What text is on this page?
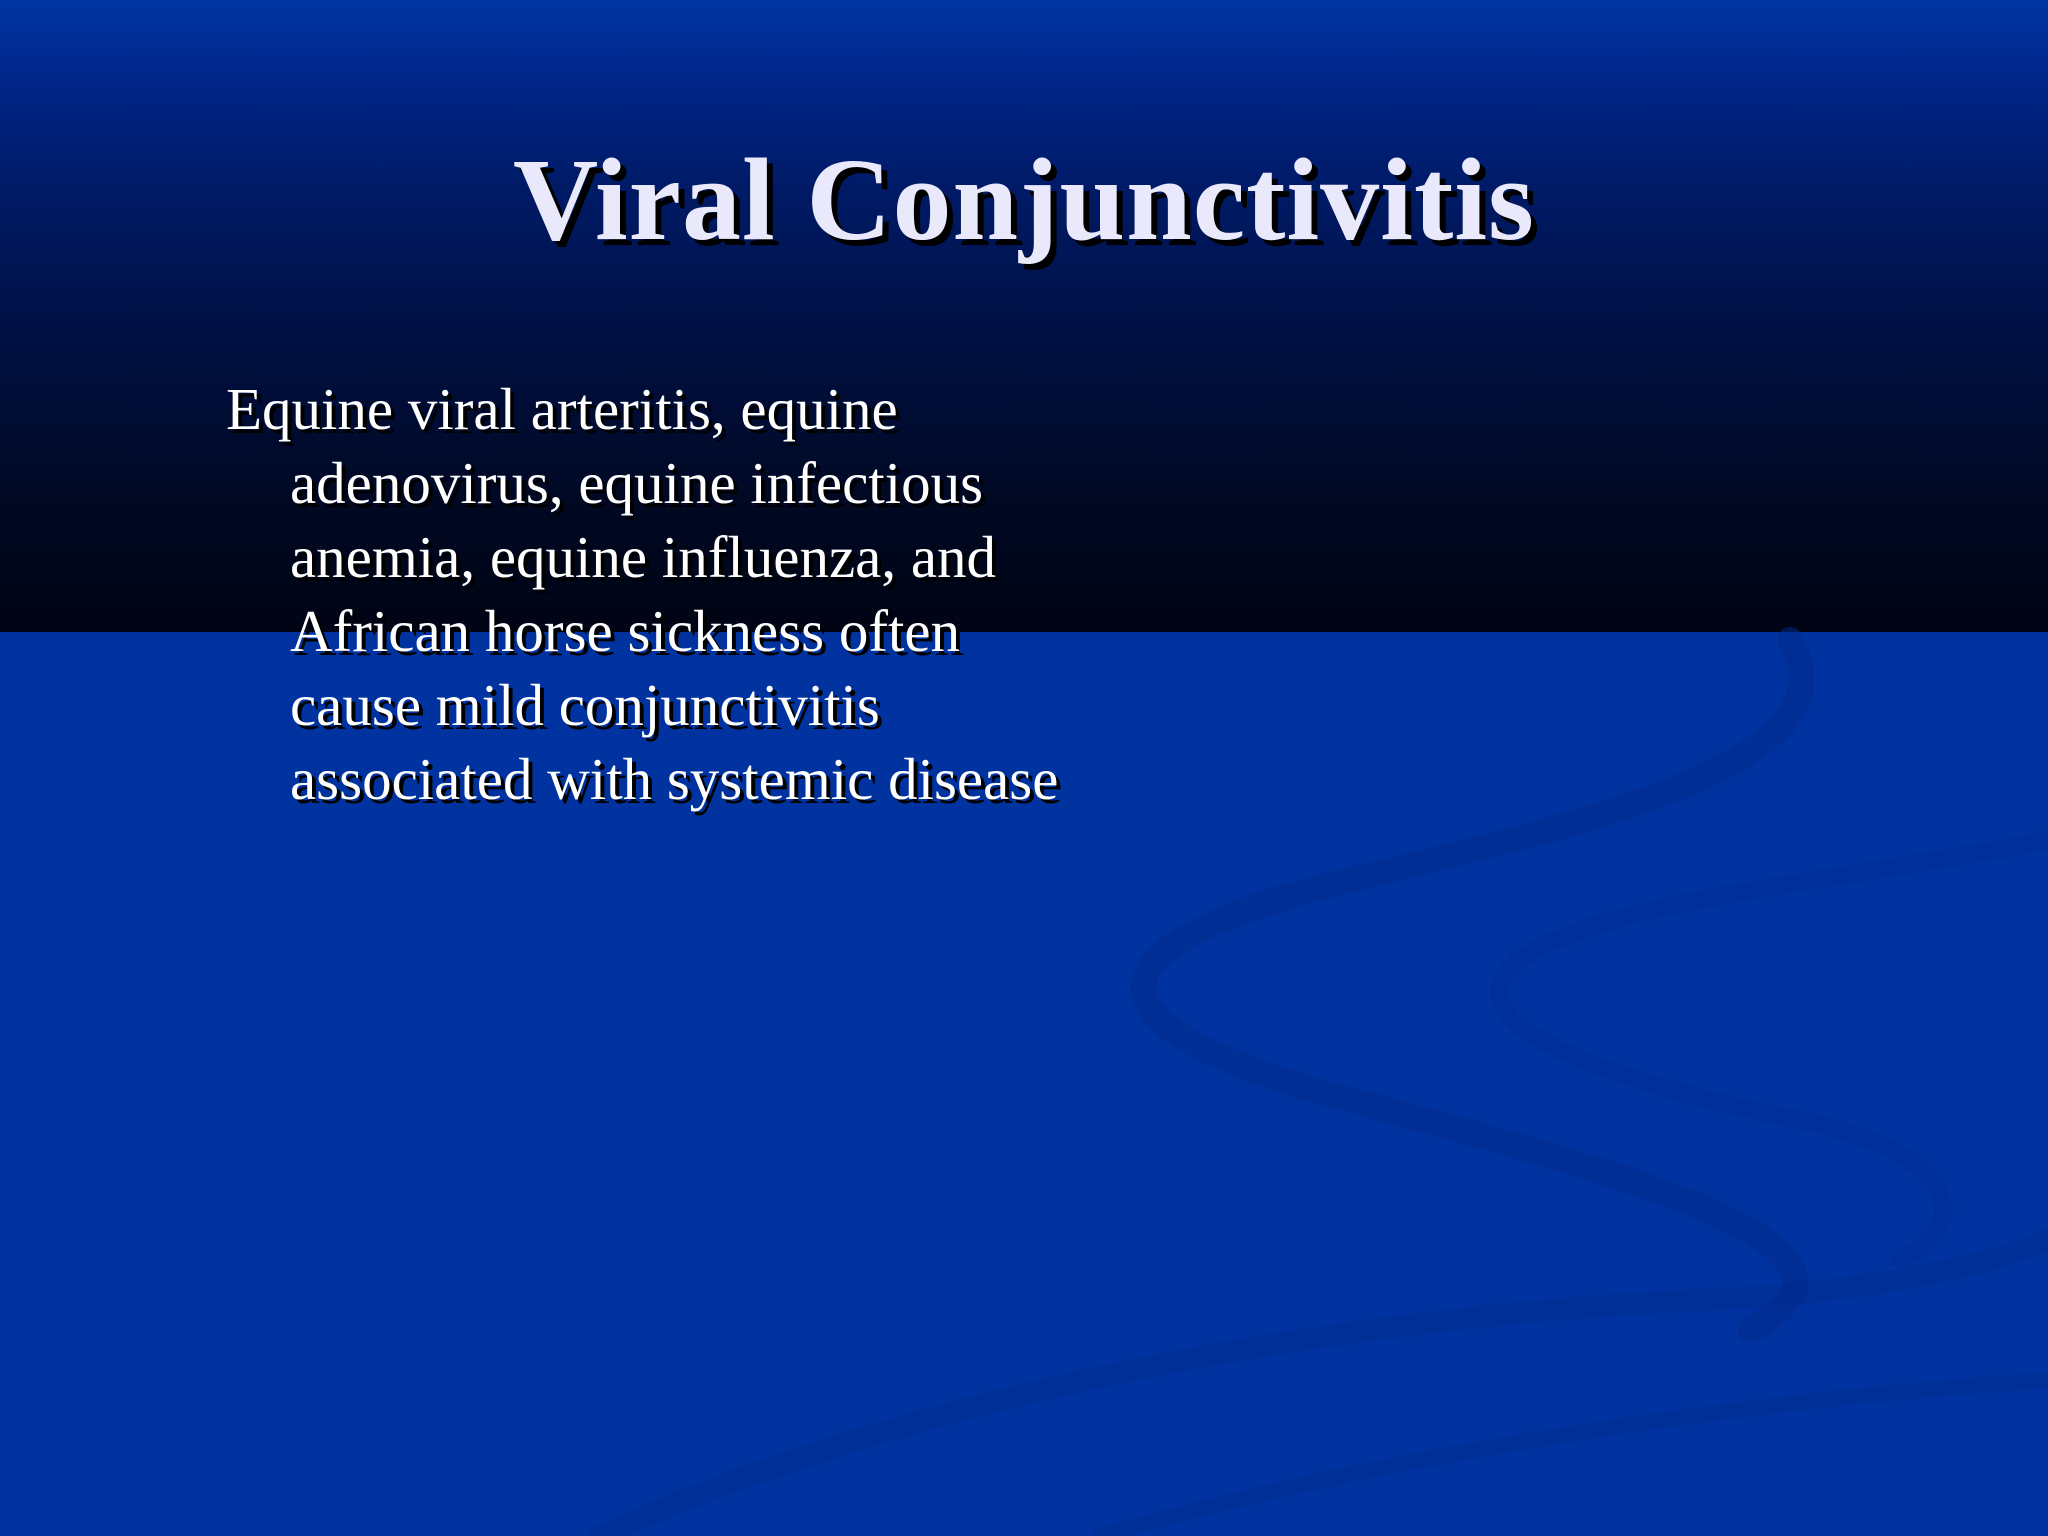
Viral Conjunctivitis

Equine viral arteritis, equine adenovirus, equine infectious anemia, equine influenza, and African horse sickness often cause mild conjunctivitis associated with systemic disease
